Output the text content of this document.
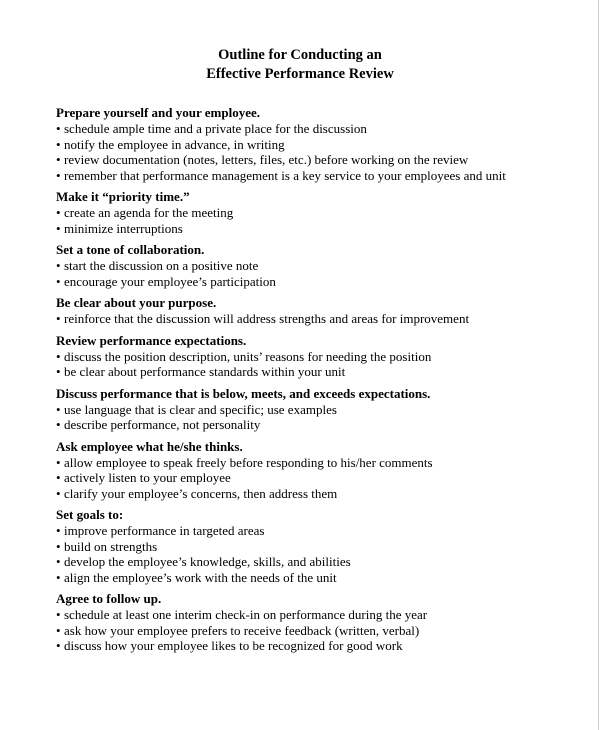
Outline for Conducting an
Effective Performance Review
Prepare yourself and your employee.
• schedule ample time and a private place for the discussion
• notify the employee in advance, in writing
• review documentation (notes, letters, files, etc.) before working on the review
• remember that performance management is a key service to your employees and unit
Make it “priority time.”
• create an agenda for the meeting
• minimize interruptions
Set a tone of collaboration.
• start the discussion on a positive note
• encourage your employee’s participation
Be clear about your purpose.
• reinforce that the discussion will address strengths and areas for improvement
Review performance expectations.
• discuss the position description, units’ reasons for needing the position
• be clear about performance standards within your unit
Discuss performance that is below, meets, and exceeds expectations.
• use language that is clear and specific; use examples
• describe performance, not personality
Ask employee what he/she thinks.
• allow employee to speak freely before responding to his/her comments
• actively listen to your employee
• clarify your employee’s concerns, then address them
Set goals to:
• improve performance in targeted areas
• build on strengths
• develop the employee’s knowledge, skills, and abilities
• align the employee’s work with the needs of the unit
Agree to follow up.
• schedule at least one interim check-in on performance during the year
• ask how your employee prefers to receive feedback (written, verbal)
• discuss how your employee likes to be recognized for good work
